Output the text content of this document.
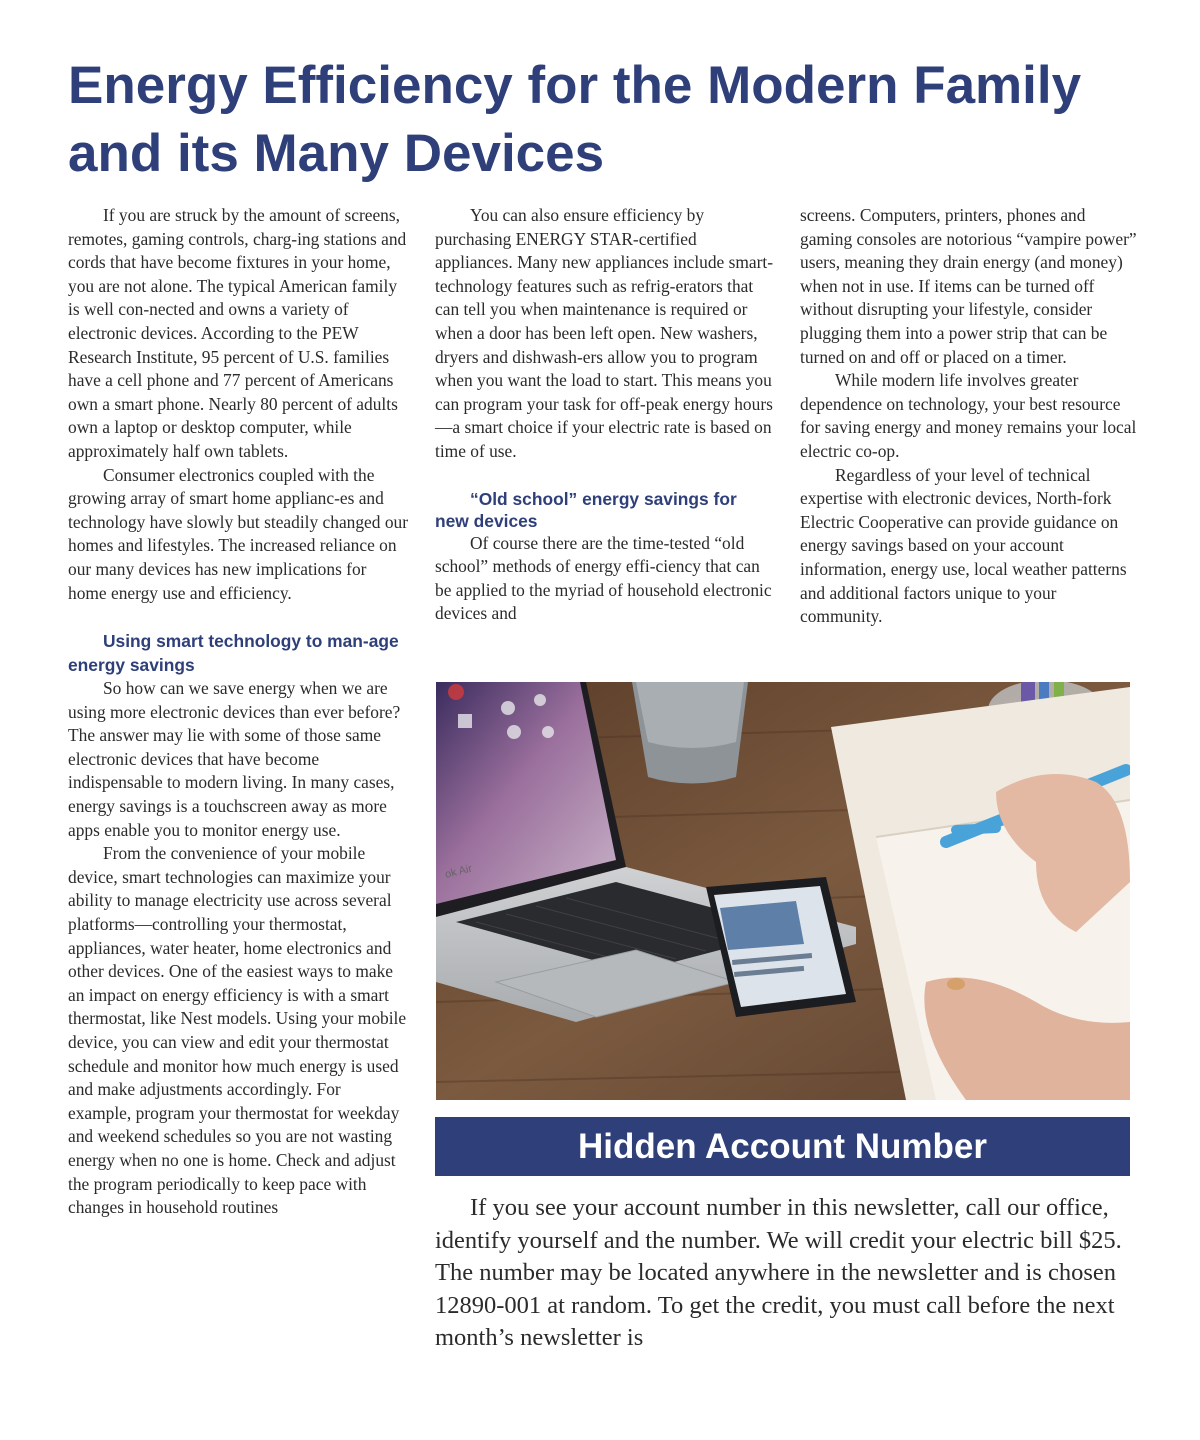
Energy Efficiency for the Modern Family and its Many Devices

If you are struck by the amount of screens, remotes, gaming controls, charg-ing stations and cords that have become fixtures in your home, you are not alone. The typical American family is well con-nected and owns a variety of electronic devices. According to the PEW Research Institute, 95 percent of U.S. families have a cell phone and 77 percent of Americans own a smart phone. Nearly 80 percent of adults own a laptop or desktop computer, while approximately half own tablets.

Consumer electronics coupled with the growing array of smart home applianc-es and technology have slowly but steadily changed our homes and lifestyles. The increased reliance on our many devices has new implications for home energy use and efficiency.

Using smart technology to man-age energy savings

So how can we save energy when we are using more electronic devices than ever before? The answer may lie with some of those same electronic devices that have become indispensable to modern living. In many cases, energy savings is a touchscreen away as more apps enable you to monitor energy use.

From the convenience of your mobile device, smart technologies can maximize your ability to manage electricity use across several platforms—controlling your thermostat, appliances, water heater, home electronics and other devices. One of the easiest ways to make an impact on energy efficiency is with a smart thermostat, like Nest models. Using your mobile device, you can view and edit your thermostat schedule and monitor how much energy is used and make adjustments accordingly. For example, program your thermostat for weekday and weekend schedules so you are not wasting energy when no one is home. Check and adjust the program periodically to keep pace with changes in household routines

You can also ensure efficiency by purchasing ENERGY STAR-certified appliances. Many new appliances include smart-technology features such as refrig-erators that can tell you when maintenance is required or when a door has been left open. New washers, dryers and dishwash-ers allow you to program when you want the load to start. This means you can program your task for off-peak energy hours—a smart choice if your electric rate is based on time of use.

“Old school” energy savings for new devices

Of course there are the time-tested “old school” methods of energy effi-ciency that can be applied to the myriad of household electronic devices and

screens. Computers, printers, phones and gaming consoles are notorious “vampire power” users, meaning they drain energy (and money) when not in use. If items can be turned off without disrupting your lifestyle, consider plugging them into a power strip that can be turned on and off or placed on a timer.

While modern life involves greater dependence on technology, your best resource for saving energy and money remains your local electric co-op.

Regardless of your level of technical expertise with electronic devices, North-fork Electric Cooperative can provide guidance on energy savings based on your account information, energy use, local weather patterns and additional factors unique to your community.

ok Air
Hidden Account Number

If you see your account number in this newsletter, call our office, identify yourself and the number. We will credit your electric bill $25. The number may be located anywhere in the newsletter and is chosen 12890-001 at random. To get the credit, you must call before the next month’s newsletter is
